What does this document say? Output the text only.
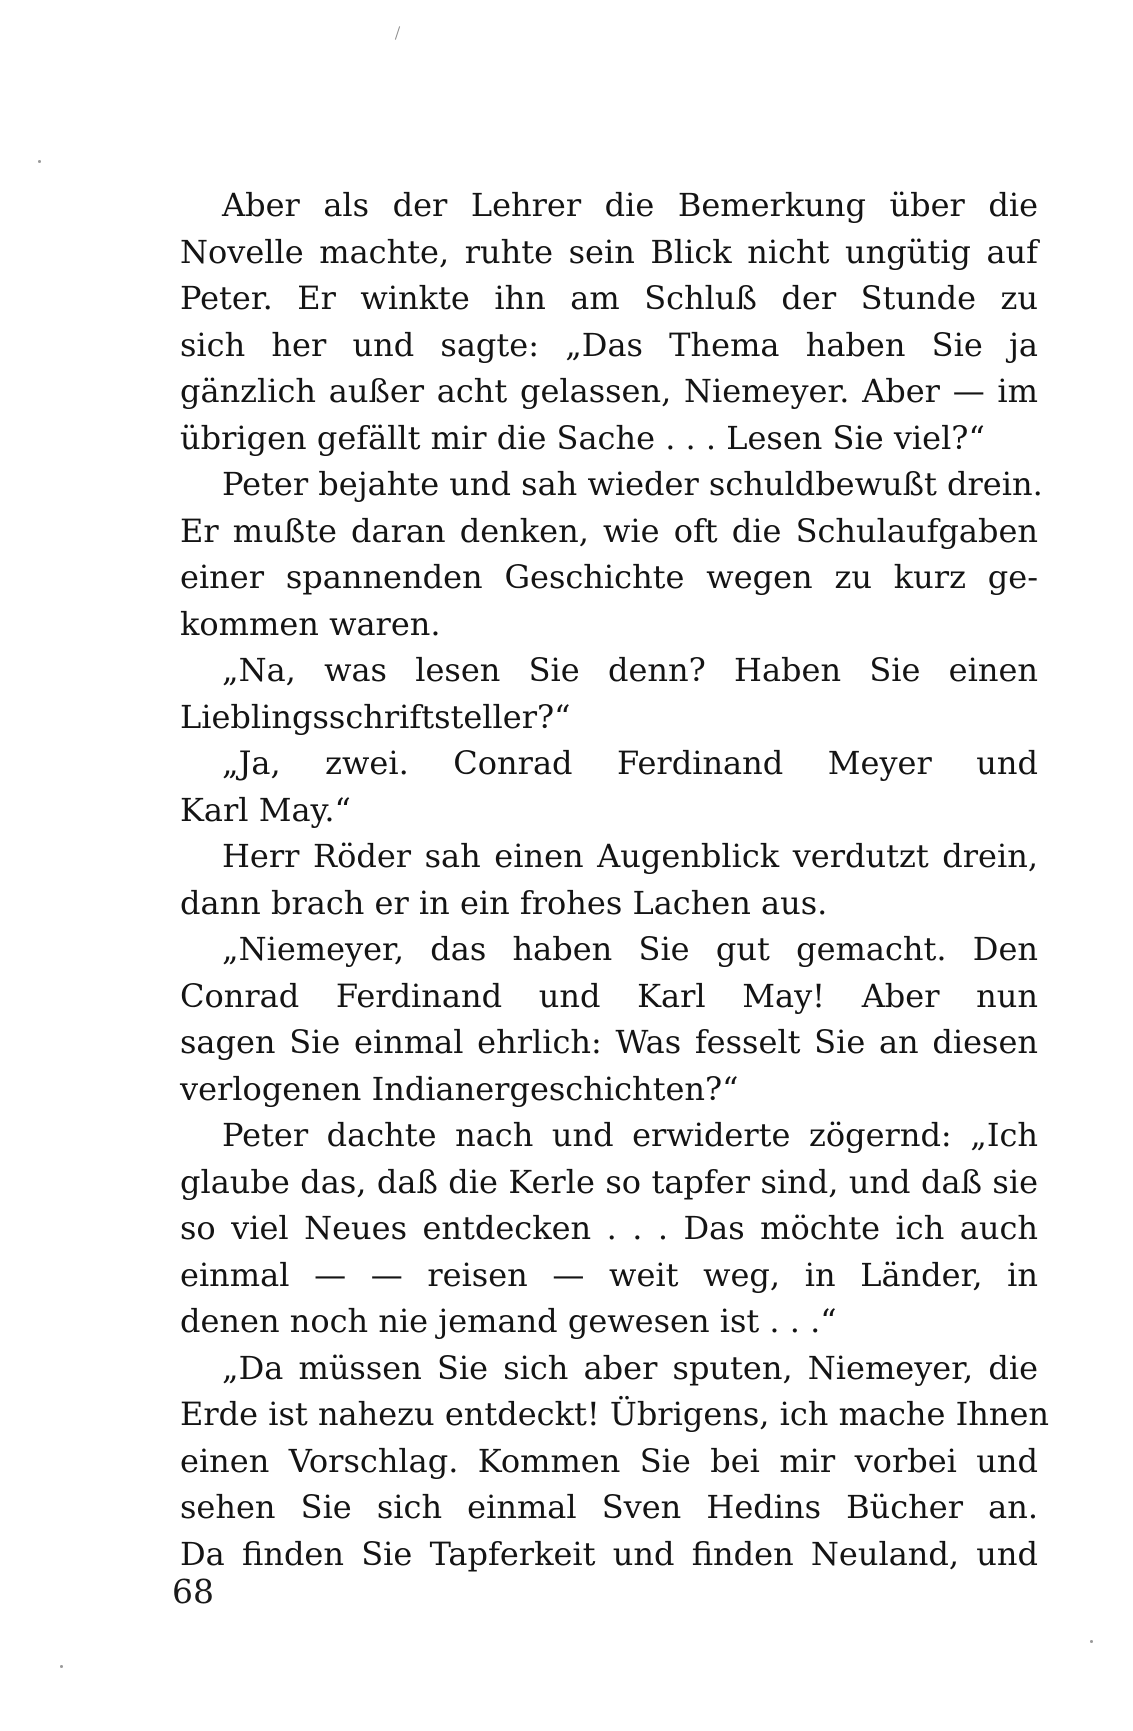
Aber als der Lehrer die Bemerkung über die
Novelle machte, ruhte sein Blick nicht ungütig auf
Peter. Er winkte ihn am Schluß der Stunde zu
sich her und sagte: „Das Thema haben Sie ja
gänzlich außer acht gelassen, Niemeyer. Aber — im
übrigen gefällt mir die Sache . . . Lesen Sie viel?“
Peter bejahte und sah wieder schuldbewußt drein.
Er mußte daran denken, wie oft die Schulaufgaben
einer spannenden Geschichte wegen zu kurz ge-
kommen waren.
„Na, was lesen Sie denn? Haben Sie einen
Lieblingsschriftsteller?“
„Ja, zwei. Conrad Ferdinand Meyer und
Karl May.“
Herr Röder sah einen Augenblick verdutzt drein,
dann brach er in ein frohes Lachen aus.
„Niemeyer, das haben Sie gut gemacht. Den
Conrad Ferdinand und Karl May! Aber nun
sagen Sie einmal ehrlich: Was fesselt Sie an diesen
verlogenen Indianergeschichten?“
Peter dachte nach und erwiderte zögernd: „Ich
glaube das, daß die Kerle so tapfer sind, und daß sie
so viel Neues entdecken . . . Das möchte ich auch
einmal — — reisen — weit weg, in Länder, in
denen noch nie jemand gewesen ist . . .“
„Da müssen Sie sich aber sputen, Niemeyer, die
Erde ist nahezu entdeckt! Übrigens, ich mache Ihnen
einen Vorschlag. Kommen Sie bei mir vorbei und
sehen Sie sich einmal Sven Hedins Bücher an.
Da finden Sie Tapferkeit und finden Neuland, und
68
